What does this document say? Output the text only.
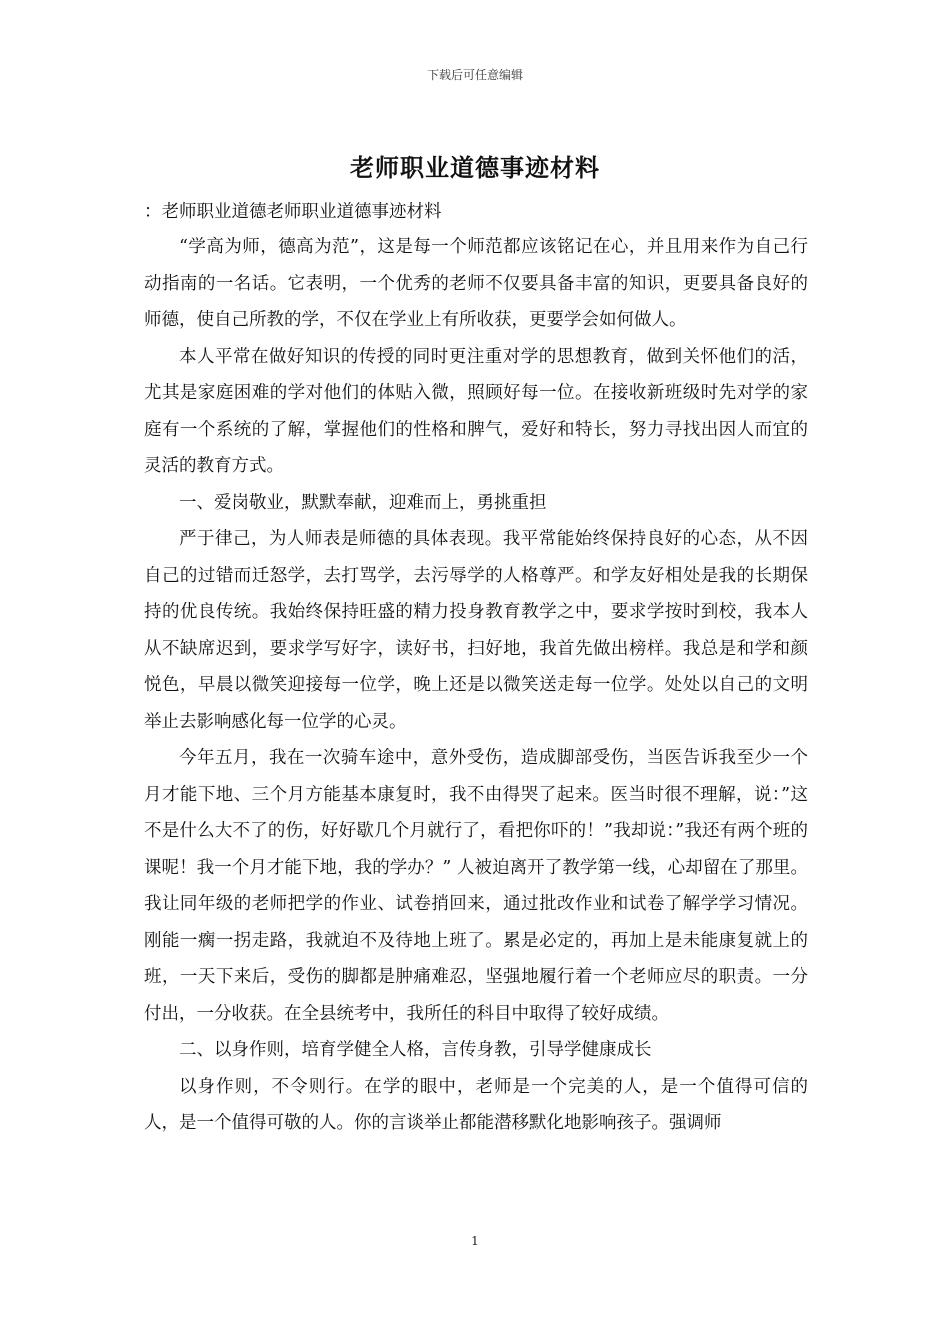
下载后可任意编辑
老师职业道德事迹材料

：老师职业道德老师职业道德事迹材料

“学高为师，德高为范”，这是每一个师范都应该铭记在心，并且用来作为自己行动指南的一名话。它表明，一个优秀的老师不仅要具备丰富的知识，更要具备良好的师德，使自己所教的学，不仅在学业上有所收获，更要学会如何做人。

本人平常在做好知识的传授的同时更注重对学的思想教育，做到关怀他们的活，尤其是家庭困难的学对他们的体贴入微，照顾好每一位。在接收新班级时先对学的家庭有一个系统的了解，掌握他们的性格和脾气，爱好和特长，努力寻找出因人而宜的灵活的教育方式。

一、爱岗敬业，默默奉献，迎难而上，勇挑重担

严于律己，为人师表是师德的具体表现。我平常能始终保持良好的心态，从不因自己的过错而迁怒学，去打骂学，去污辱学的人格尊严。和学友好相处是我的长期保持的优良传统。我始终保持旺盛的精力投身教育教学之中，要求学按时到校，我本人从不缺席迟到，要求学写好字，读好书，扫好地，我首先做出榜样。我总是和学和颜悦色，早晨以微笑迎接每一位学，晚上还是以微笑送走每一位学。处处以自己的文明举止去影响感化每一位学的心灵。

今年五月，我在一次骑车途中，意外受伤，造成脚部受伤，当医告诉我至少一个月才能下地、三个月方能基本康复时，我不由得哭了起来。医当时很不理解，说：”这不是什么大不了的伤，好好歇几个月就行了，看把你吓的！”我却说：”我还有两个班的课呢！我一个月才能下地，我的学办？” 人被迫离开了教学第一线，心却留在了那里。我让同年级的老师把学的作业、试卷捎回来，通过批改作业和试卷了解学学习情况。刚能一瘸一拐走路，我就迫不及待地上班了。累是必定的，再加上是未能康复就上的班，一天下来后，受伤的脚都是肿痛难忍，坚强地履行着一个老师应尽的职责。一分付出，一分收获。在全县统考中，我所任的科目中取得了较好成绩。

二、以身作则，培育学健全人格，言传身教，引导学健康成长

以身作则，不令则行。在学的眼中，老师是一个完美的人，是一个值得可信的人，是一个值得可敬的人。你的言谈举止都能潜移默化地影响孩子。强调师

1
